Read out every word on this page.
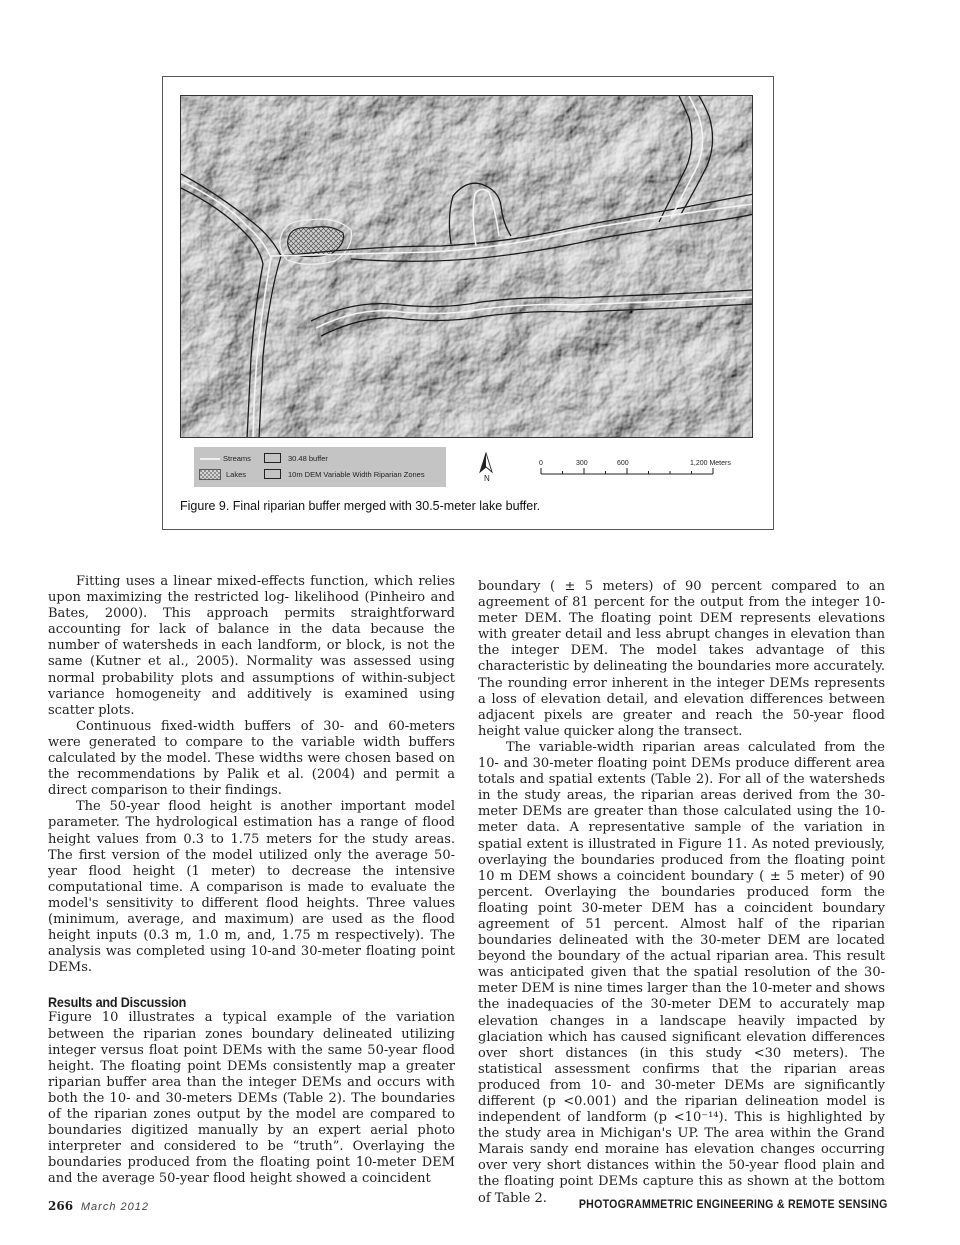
Streams
Lakes
30.48 buffer
10m DEM Variable Width Riparian Zones	N
0	300	600	1,200 Meters
Figure 9. Final riparian buffer merged with 30.5-meter lake buffer.

Fitting uses a linear mixed-effects function, which relies upon maximizing the restricted log- likelihood (Pinheiro and Bates, 2000). This approach permits straightforward accounting for lack of balance in the data because the number of watersheds in each landform, or block, is not the same (Kutner et al., 2005). Normality was assessed using normal probability plots and assumptions of within-subject variance homogeneity and additively is examined using scatter plots.

Continuous fixed-width buffers of 30- and 60-meters were generated to compare to the variable width buffers calculated by the model. These widths were chosen based on the recommendations by Palik et al. (2004) and permit a direct comparison to their findings.

The 50-year flood height is another important model parameter. The hydrological estimation has a range of flood height values from 0.3 to 1.75 meters for the study areas. The first version of the model utilized only the average 50-year flood height (1 meter) to decrease the intensive computational time. A comparison is made to evaluate the model's sensitivity to different flood heights. Three values (minimum, average, and maximum) are used as the flood height inputs (0.3 m, 1.0 m, and, 1.75 m respectively). The analysis was completed using 10-and 30-meter floating point DEMs.

Results and Discussion

Figure 10 illustrates a typical example of the variation between the riparian zones boundary delineated utilizing integer versus float point DEMs with the same 50-year flood height. The floating point DEMs consistently map a greater riparian buffer area than the integer DEMs and occurs with both the 10- and 30-meters DEMs (Table 2). The boundaries of the riparian zones output by the model are compared to boundaries digitized manually by an expert aerial photo interpreter and considered to be “truth”. Overlaying the boundaries produced from the floating point 10-meter DEM and the average 50-year flood height showed a coincident

boundary ( ± 5 meters) of 90 percent compared to an agreement of 81 percent for the output from the integer 10-meter DEM. The floating point DEM represents elevations with greater detail and less abrupt changes in elevation than the integer DEM. The model takes advantage of this characteristic by delineating the boundaries more accurately. The rounding error inherent in the integer DEMs represents a loss of elevation detail, and elevation differences between adjacent pixels are greater and reach the 50-year flood height value quicker along the transect.

The variable-width riparian areas calculated from the 10- and 30-meter floating point DEMs produce different area totals and spatial extents (Table 2). For all of the watersheds in the study areas, the riparian areas derived from the 30-meter DEMs are greater than those calculated using the 10-meter data. A representative sample of the variation in spatial extent is illustrated in Figure 11. As noted previously, overlaying the boundaries produced from the floating point 10 m DEM shows a coincident boundary ( ± 5 meter) of 90 percent. Overlaying the boundaries produced form the floating point 30-meter DEM has a coincident boundary agreement of 51 percent. Almost half of the riparian boundaries delineated with the 30-meter DEM are located beyond the boundary of the actual riparian area. This result was anticipated given that the spatial resolution of the 30-meter DEM is nine times larger than the 10-meter and shows the inadequacies of the 30-meter DEM to accurately map elevation changes in a landscape heavily impacted by glaciation which has caused significant elevation differences over short distances (in this study <30 meters). The statistical assessment confirms that the riparian areas produced from 10- and 30-meter DEMs are significantly different (p <0.001) and the riparian delineation model is independent of landform (p <10⁻¹⁴). This is highlighted by the study area in Michigan's UP. The area within the Grand Marais sandy end moraine has elevation changes occurring over very short distances within the 50-year flood plain and the floating point DEMs capture this as shown at the bottom of Table 2.

266 March 2012	PHOTOGRAMMETRIC ENGINEERING & REMOTE SENSING
